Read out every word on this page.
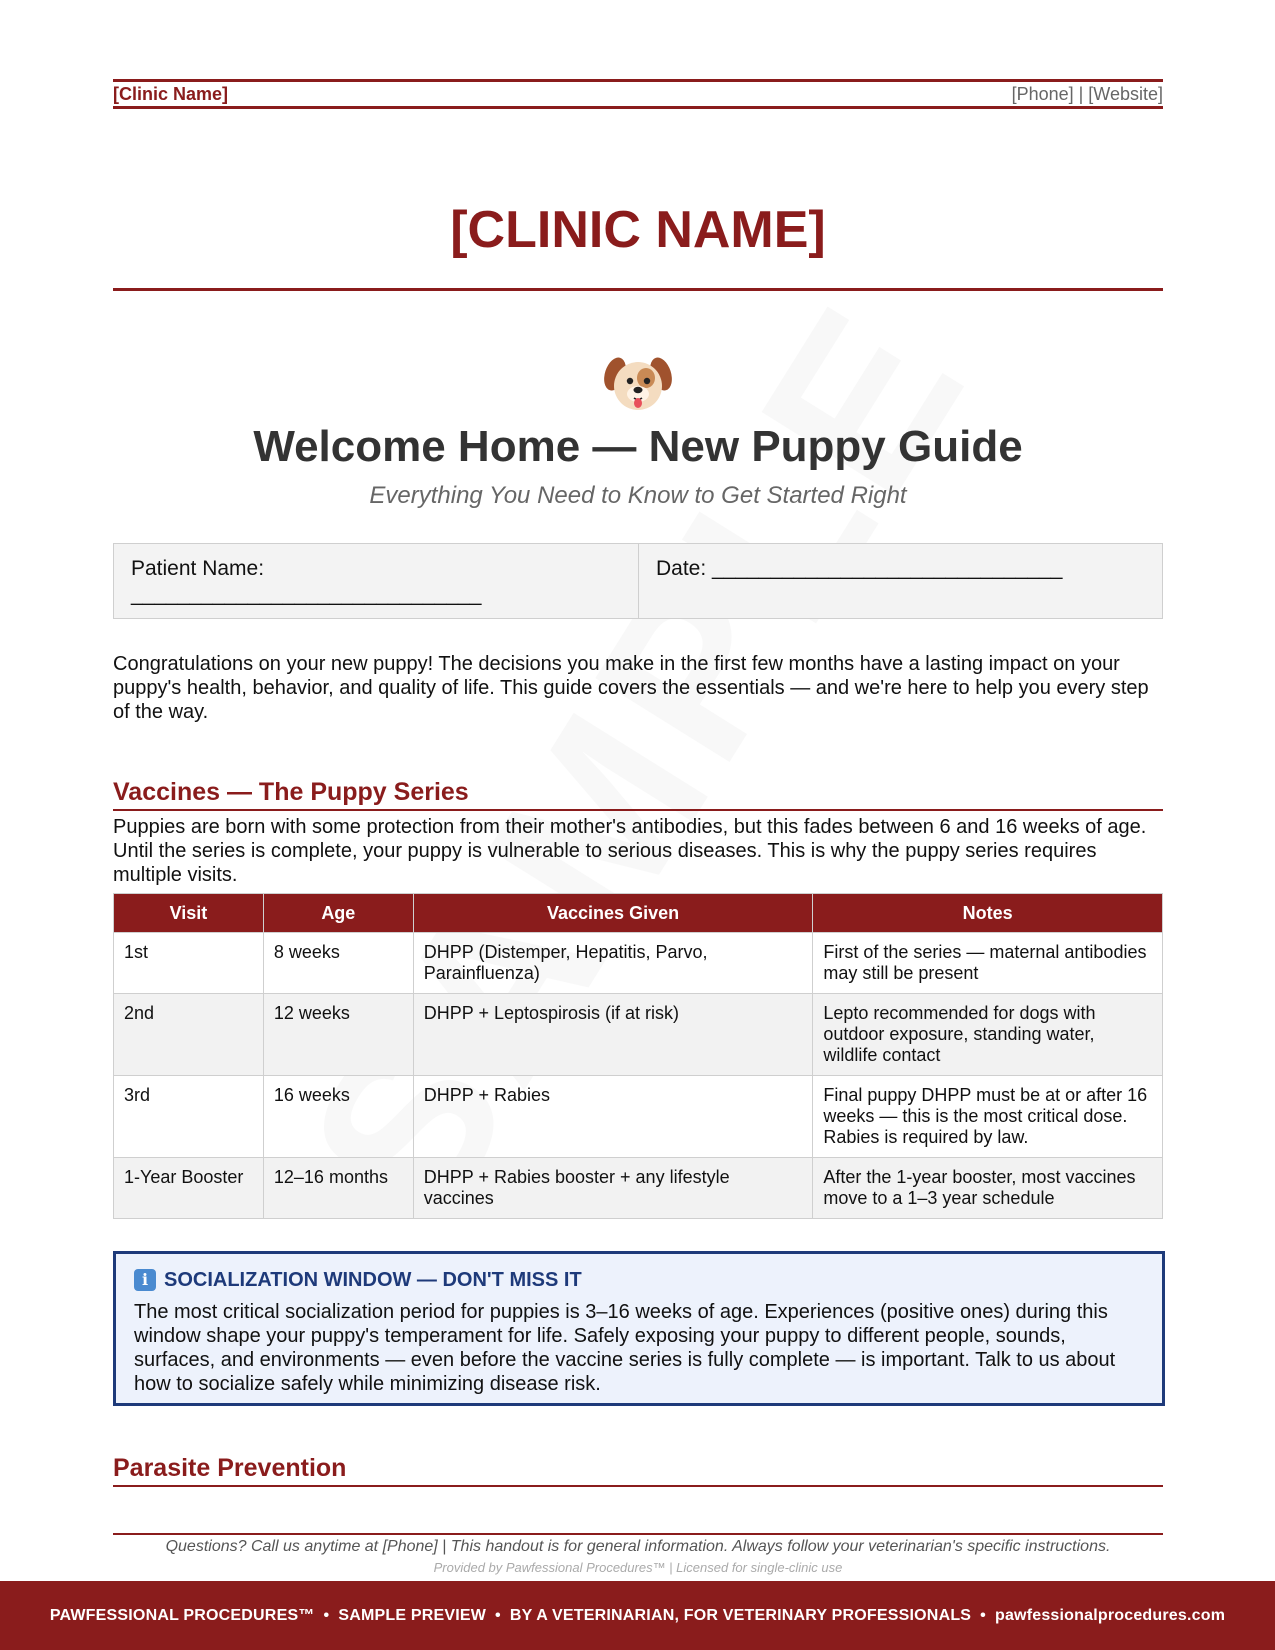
[Clinic Name]	[Phone] | [Website]
[CLINIC NAME]
Welcome Home — New Puppy Guide
Everything You Need to Know to Get Started Right
Patient Name:
______________________________
Date: ______________________________

Congratulations on your new puppy! The decisions you make in the first few months have a lasting impact on your puppy's health, behavior, and quality of life. This guide covers the essentials — and we're here to help you every step of the way.

Vaccines — The Puppy Series

Puppies are born with some protection from their mother's antibodies, but this fades between 6 and 16 weeks of age. Until the series is complete, your puppy is vulnerable to serious diseases. This is why the puppy series requires multiple visits.

Visit	Age	Vaccines Given	Notes
1st	8 weeks	DHPP (Distemper, Hepatitis, Parvo, Parainfluenza)	First of the series — maternal antibodies may still be present
2nd	12 weeks	DHPP + Leptospirosis (if at risk)	Lepto recommended for dogs with outdoor exposure, standing water, wildlife contact
3rd	16 weeks	DHPP + Rabies	Final puppy DHPP must be at or after 16 weeks — this is the most critical dose. Rabies is required by law.
1-Year Booster	12–16 months	DHPP + Rabies booster + any lifestyle vaccines	After the 1-year booster, most vaccines move to a 1–3 year schedule
i SOCIALIZATION WINDOW — DON'T MISS IT

The most critical socialization period for puppies is 3–16 weeks of age. Experiences (positive ones) during this window shape your puppy's temperament for life. Safely exposing your puppy to different people, sounds, surfaces, and environments — even before the vaccine series is fully complete — is important. Talk to us about how to socialize safely while minimizing disease risk.

Parasite Prevention
Questions? Call us anytime at [Phone] | This handout is for general information. Always follow your veterinarian's specific instructions.
Provided by Pawfessional Procedures™ | Licensed for single-clinic use
PAWFESSIONAL PROCEDURES™ • SAMPLE PREVIEW • BY A VETERINARIAN, FOR VETERINARY PROFESSIONALS • pawfessionalprocedures.com
